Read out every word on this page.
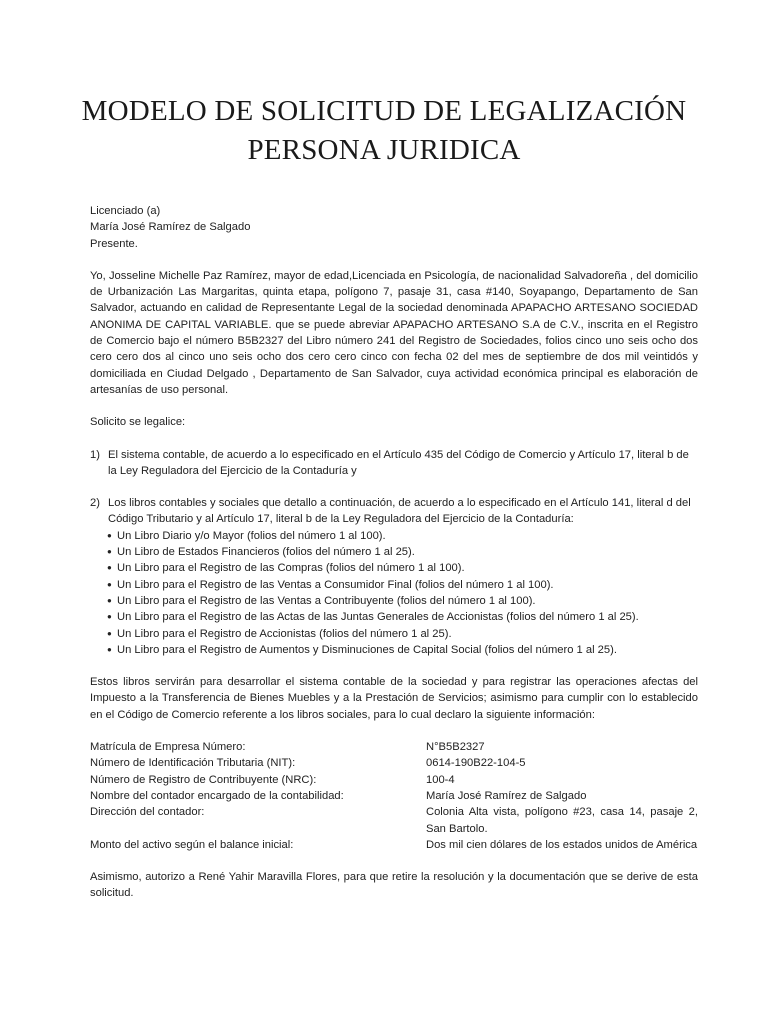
MODELO DE SOLICITUD DE LEGALIZACIÓN
PERSONA JURIDICA

Licenciado (a)

María José Ramírez de Salgado

Presente.

Yo, Josseline Michelle Paz Ramírez, mayor de edad,Licenciada en Psicología, de nacionalidad Salvadoreña , del domicilio de Urbanización Las Margaritas, quinta etapa, polígono 7, pasaje 31, casa #140, Soyapango, Departamento de San Salvador, actuando en calidad de Representante Legal de la sociedad denominada APAPACHO ARTESANO SOCIEDAD ANONIMA DE CAPITAL VARIABLE. que se puede abreviar APAPACHO ARTESANO S.A de C.V., inscrita en el Registro de Comercio bajo el número B5B2327 del Libro número 241 del Registro de Sociedades, folios cinco uno seis ocho dos cero cero dos al cinco uno seis ocho dos cero cero cinco con fecha 02 del mes de septiembre de dos mil veintidós y domiciliada en Ciudad Delgado , Departamento de San Salvador, cuya actividad económica principal es elaboración de artesanías de uso personal.

Solicito se legalice:

1) El sistema contable, de acuerdo a lo especificado en el Artículo 435 del Código de Comercio y Artículo 17, literal b de la Ley Reguladora del Ejercicio de la Contaduría y
2) Los libros contables y sociales que detallo a continuación, de acuerdo a lo especificado en el Artículo 141, literal d del Código Tributario y al Artículo 17, literal b de la Ley Reguladora del Ejercicio de la Contaduría:
● Un Libro Diario y/o Mayor (folios del número 1 al 100).
● Un Libro de Estados Financieros (folios del número 1 al 25).
● Un Libro para el Registro de las Compras (folios del número 1 al 100).
● Un Libro para el Registro de las Ventas a Consumidor Final (folios del número 1 al 100).
● Un Libro para el Registro de las Ventas a Contribuyente (folios del número 1 al 100).
● Un Libro para el Registro de las Actas de las Juntas Generales de Accionistas (folios del número 1 al 25).
● Un Libro para el Registro de Accionistas (folios del número 1 al 25).
● Un Libro para el Registro de Aumentos y Disminuciones de Capital Social (folios del número 1 al 25).

Estos libros servirán para desarrollar el sistema contable de la sociedad y para registrar las operaciones afectas del Impuesto a la Transferencia de Bienes Muebles y a la Prestación de Servicios; asimismo para cumplir con lo establecido en el Código de Comercio referente a los libros sociales, para lo cual declaro la siguiente información:

Matrícula de Empresa Número:	N°B5B2327
Número de Identificación Tributaria (NIT):	0614-190B22-104-5
Número de Registro de Contribuyente (NRC):	100-4
Nombre del contador encargado de la contabilidad:	María José Ramírez de Salgado
Dirección del contador:	Colonia Alta vista, polígono #23, casa 14, pasaje 2, San Bartolo.
Monto del activo según el balance inicial:	Dos mil cien dólares de los estados unidos de América

Asimismo, autorizo a René Yahir Maravilla Flores, para que retire la resolución y la documentación que se derive de esta solicitud.
